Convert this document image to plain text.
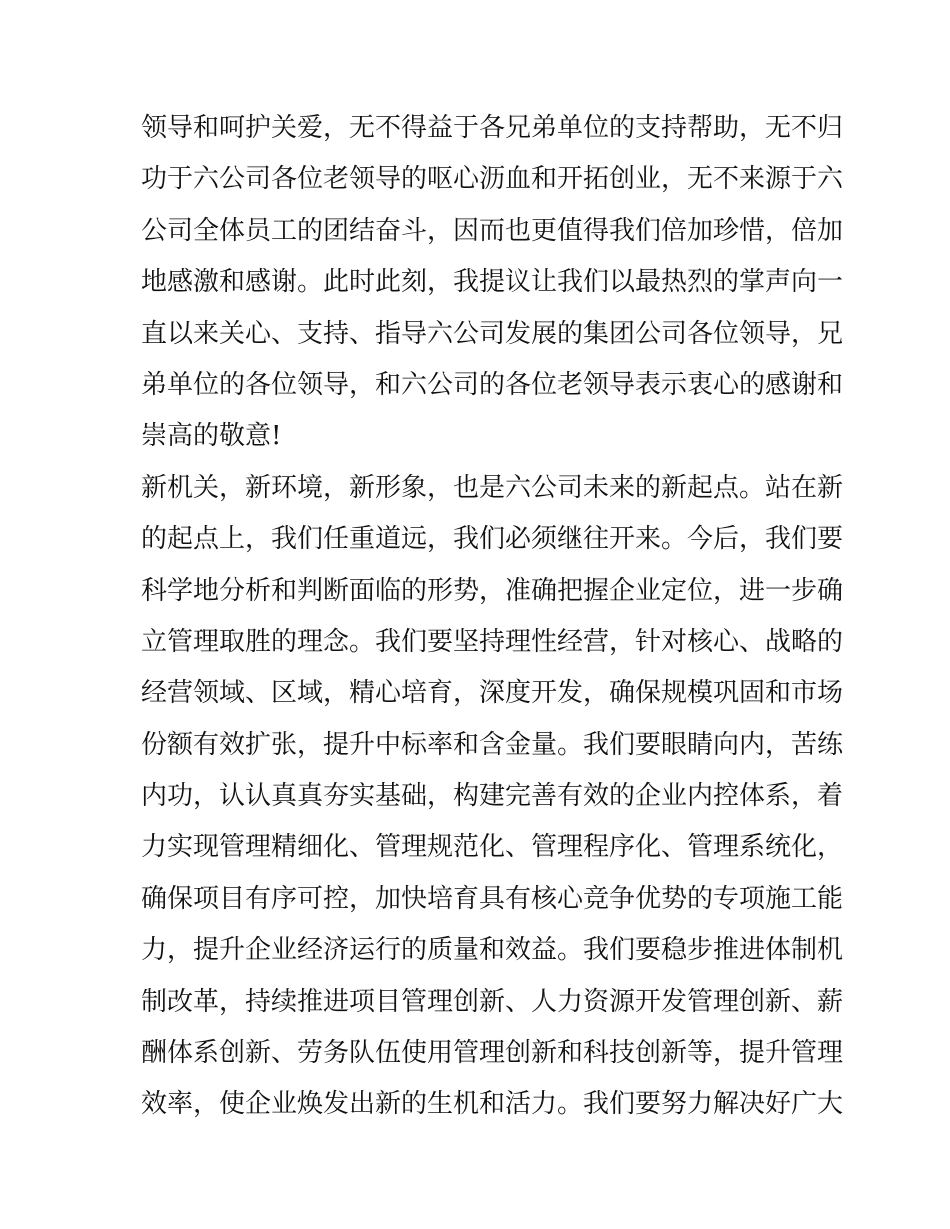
领导和呵护关爱，无不得益于各兄弟单位的支持帮助，无不归
功于六公司各位老领导的呕心沥血和开拓创业，无不来源于六
公司全体员工的团结奋斗，因而也更值得我们倍加珍惜，倍加
地感激和感谢。此时此刻，我提议让我们以最热烈的掌声向一
直以来关心、支持、指导六公司发展的集团公司各位领导，兄
弟单位的各位领导，和六公司的各位老领导表示衷心的感谢和
崇高的敬意!
新机关，新环境，新形象，也是六公司未来的新起点。站在新
的起点上，我们任重道远，我们必须继往开来。今后，我们要
科学地分析和判断面临的形势，准确把握企业定位，进一步确
立管理取胜的理念。我们要坚持理性经营，针对核心、战略的
经营领域、区域，精心培育，深度开发，确保规模巩固和市场
份额有效扩张，提升中标率和含金量。我们要眼睛向内，苦练
内功，认认真真夯实基础，构建完善有效的企业内控体系，着
力实现管理精细化、管理规范化、管理程序化、管理系统化，
确保项目有序可控，加快培育具有核心竞争优势的专项施工能
力，提升企业经济运行的质量和效益。我们要稳步推进体制机
制改革，持续推进项目管理创新、人力资源开发管理创新、薪
酬体系创新、劳务队伍使用管理创新和科技创新等，提升管理
效率，使企业焕发出新的生机和活力。我们要努力解决好广大
